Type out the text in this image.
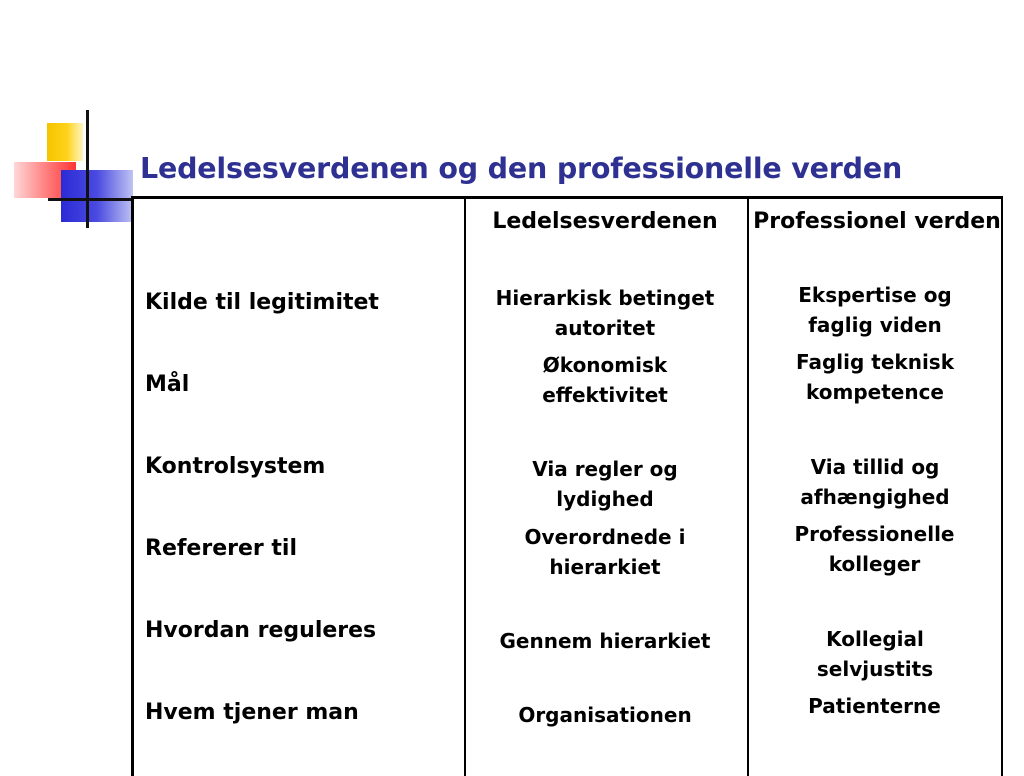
Ledelsesverdenen og den professionelle verden
Ledelsesverdenen	Professionel verden
Kilde til legitimitet
Mål
Kontrolsystem
Refererer til
Hvordan reguleres
Hvem tjener man
Hierarkisk betinget autoritet
Økonomisk effektivitet
Via regler og lydighed
Overordnede i hierarkiet
Gennem hierarkiet
Organisationen
Ekspertise og faglig viden
Faglig teknisk kompetence
Via tillid og afhængighed
Professionelle kolleger
Kollegial selvjustits
Patienterne
